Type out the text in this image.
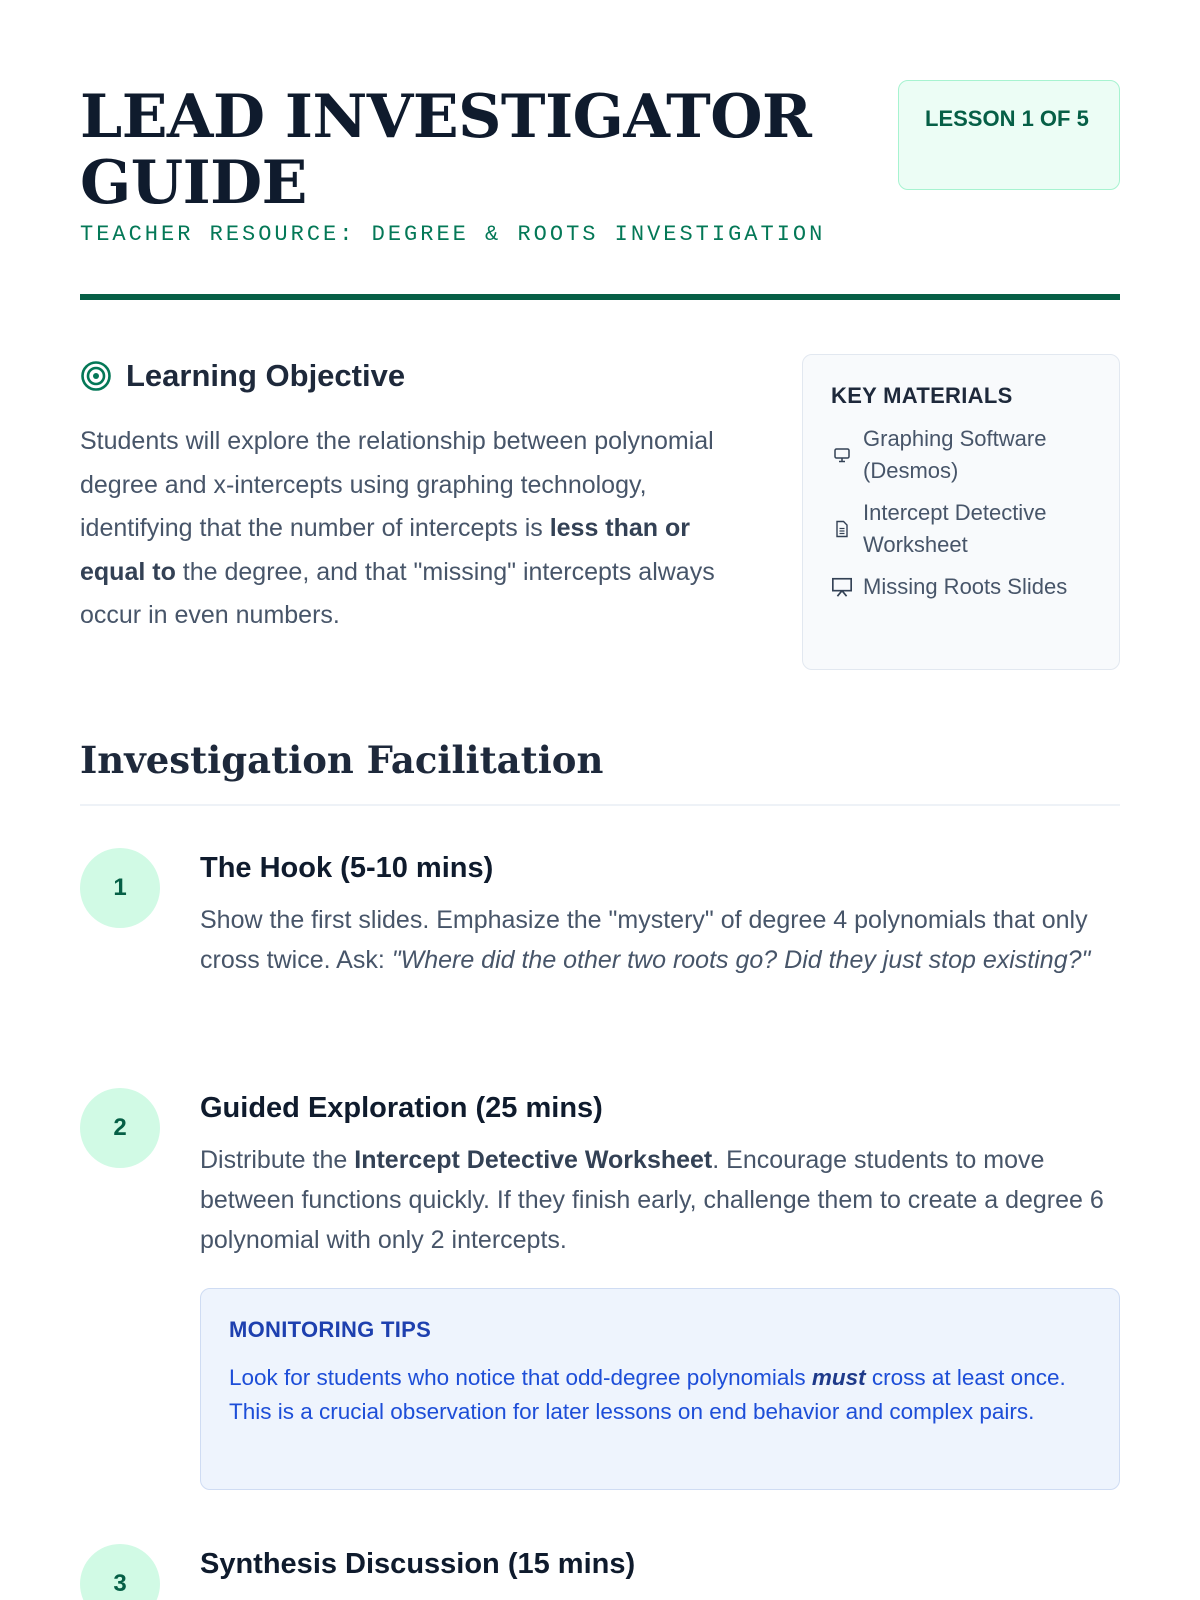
LEAD INVESTIGATOR GUIDE
TEACHER RESOURCE: DEGREE & ROOTS INVESTIGATION
LESSON 1 OF 5
Learning Objective

Students will explore the relationship between polynomial degree and x-intercepts using graphing technology, identifying that the number of intercepts is less than or equal to the degree, and that "missing" intercepts always occur in even numbers.

KEY MATERIALS
Graphing Software (Desmos)
Intercept Detective Worksheet
Missing Roots Slides
Investigation Facilitation
1
The Hook (5-10 mins)

Show the first slides. Emphasize the "mystery" of degree 4 polynomials that only cross twice. Ask: "Where did the other two roots go? Did they just stop existing?"

2
Guided Exploration (25 mins)

Distribute the Intercept Detective Worksheet. Encourage students to move between functions quickly. If they finish early, challenge them to create a degree 6 polynomial with only 2 intercepts.

MONITORING TIPS

Look for students who notice that odd-degree polynomials must cross at least once. This is a crucial observation for later lessons on end behavior and complex pairs.

3
Synthesis Discussion (15 mins)
